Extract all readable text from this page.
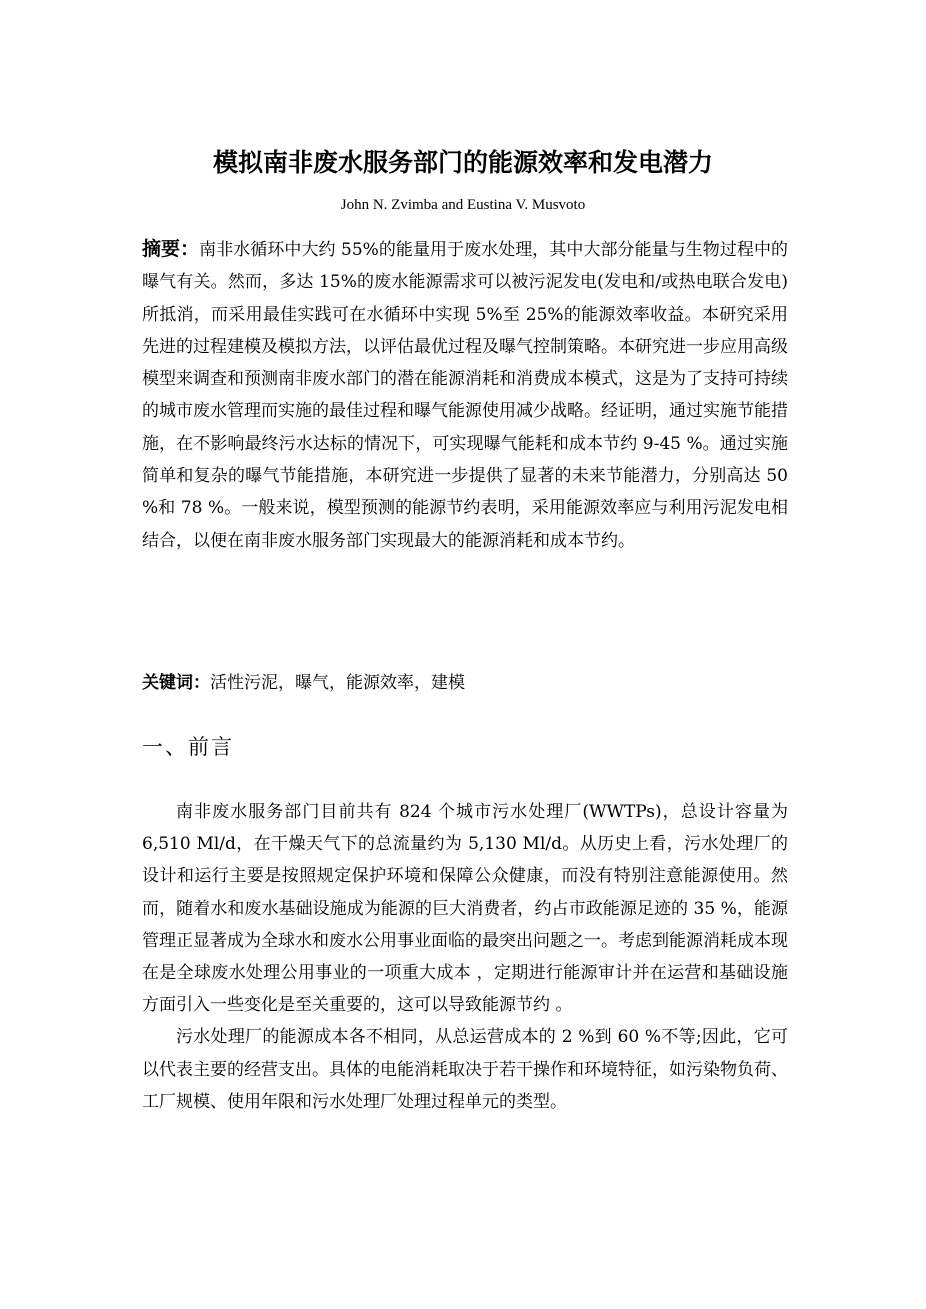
模拟南非废水服务部门的能源效率和发电潜力
John N. Zvimba and Eustina V. Musvoto

摘要：南非水循环中大约 55%的能量用于废水处理，其中大部分能量与生物过程中的曝气有关。然而，多达 15%的废水能源需求可以被污泥发电(发电和/或热电联合发电)所抵消，而采用最佳实践可在水循环中实现 5%至 25%的能源效率收益。本研究采用先进的过程建模及模拟方法，以评估最优过程及曝气控制策略。本研究进一步应用高级模型来调查和预测南非废水部门的潜在能源消耗和消费成本模式，这是为了支持可持续的城市废水管理而实施的最佳过程和曝气能源使用减少战略。经证明，通过实施节能措施，在不影响最终污水达标的情况下，可实现曝气能耗和成本节约 9-45 %。通过实施简单和复杂的曝气节能措施，本研究进一步提供了显著的未来节能潜力，分别高达 50 %和 78 %。一般来说，模型预测的能源节约表明，采用能源效率应与利用污泥发电相结合，以便在南非废水服务部门实现最大的能源消耗和成本节约。

关键词：活性污泥，曝气，能源效率，建模

一、前言

南非废水服务部门目前共有 824 个城市污水处理厂(WWTPs)，总设计容量为 6,510 Ml/d，在干燥天气下的总流量约为 5,130 Ml/d。从历史上看，污水处理厂的设计和运行主要是按照规定保护环境和保障公众健康，而没有特别注意能源使用。然而，随着水和废水基础设施成为能源的巨大消费者，约占市政能源足迹的 35 %，能源管理正显著成为全球水和废水公用事业面临的最突出问题之一。考虑到能源消耗成本现在是全球废水处理公用事业的一项重大成本 ，定期进行能源审计并在运营和基础设施方面引入一些变化是至关重要的，这可以导致能源节约 。

污水处理厂的能源成本各不相同，从总运营成本的 2 %到 60 %不等;因此，它可以代表主要的经营支出。具体的电能消耗取决于若干操作和环境特征，如污染物负荷、工厂规模、使用年限和污水处理厂处理过程单元的类型。
